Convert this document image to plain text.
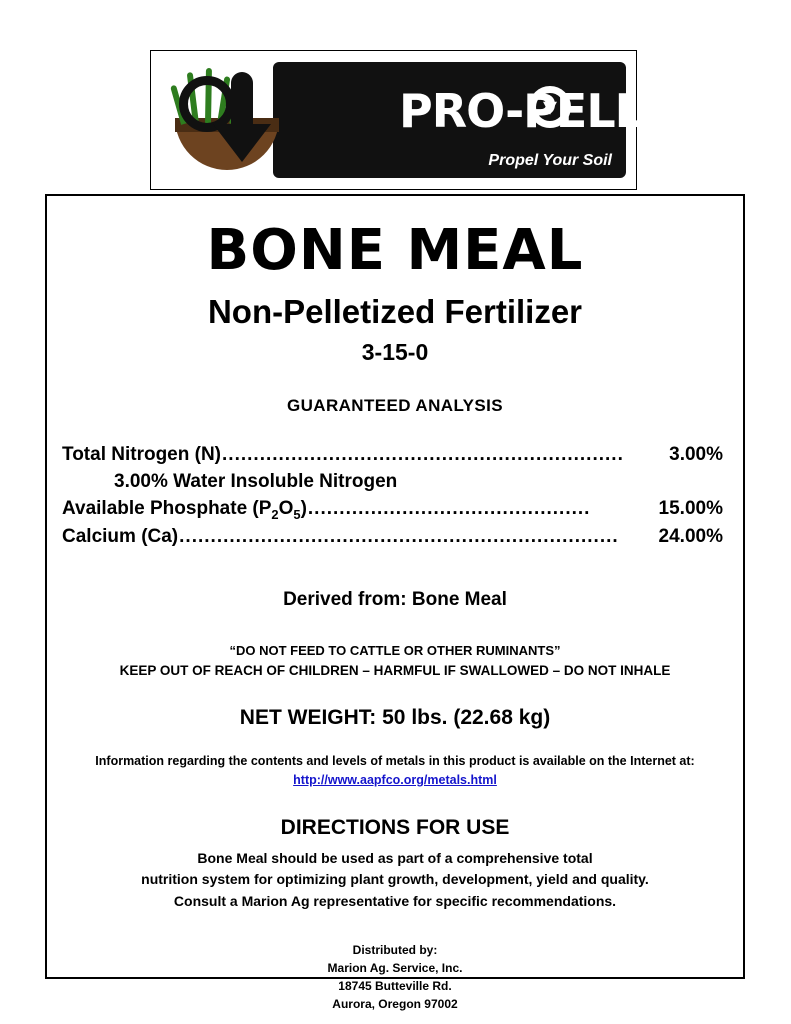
PRO-PELL-IT!
Propel Your Soil
BONE MEAL
Non-Pelletized Fertilizer
3-15-0
GUARANTEED ANALYSIS
Total Nitrogen (N) ................................................................	3.00%
3.00% Water Insoluble Nitrogen
Available Phosphate $(P_2O_5)$ .............................................	15.00%
Calcium (Ca) ......................................................................	24.00%
Derived from: Bone Meal
“DO NOT FEED TO CATTLE OR OTHER RUMINANTS”
KEEP OUT OF REACH OF CHILDREN – HARMFUL IF SWALLOWED – DO NOT INHALE
NET WEIGHT: 50 lbs. (22.68 kg)
Information regarding the contents and levels of metals in this product is available on the Internet at: http://www.aapfco.org/metals.html
DIRECTIONS FOR USE
Bone Meal should be used as part of a comprehensive total
nutrition system for optimizing plant growth, development, yield and quality.
Consult a Marion Ag representative for specific recommendations.
Distributed by:
Marion Ag. Service, Inc.
18745 Butteville Rd.
Aurora, Oregon 97002
